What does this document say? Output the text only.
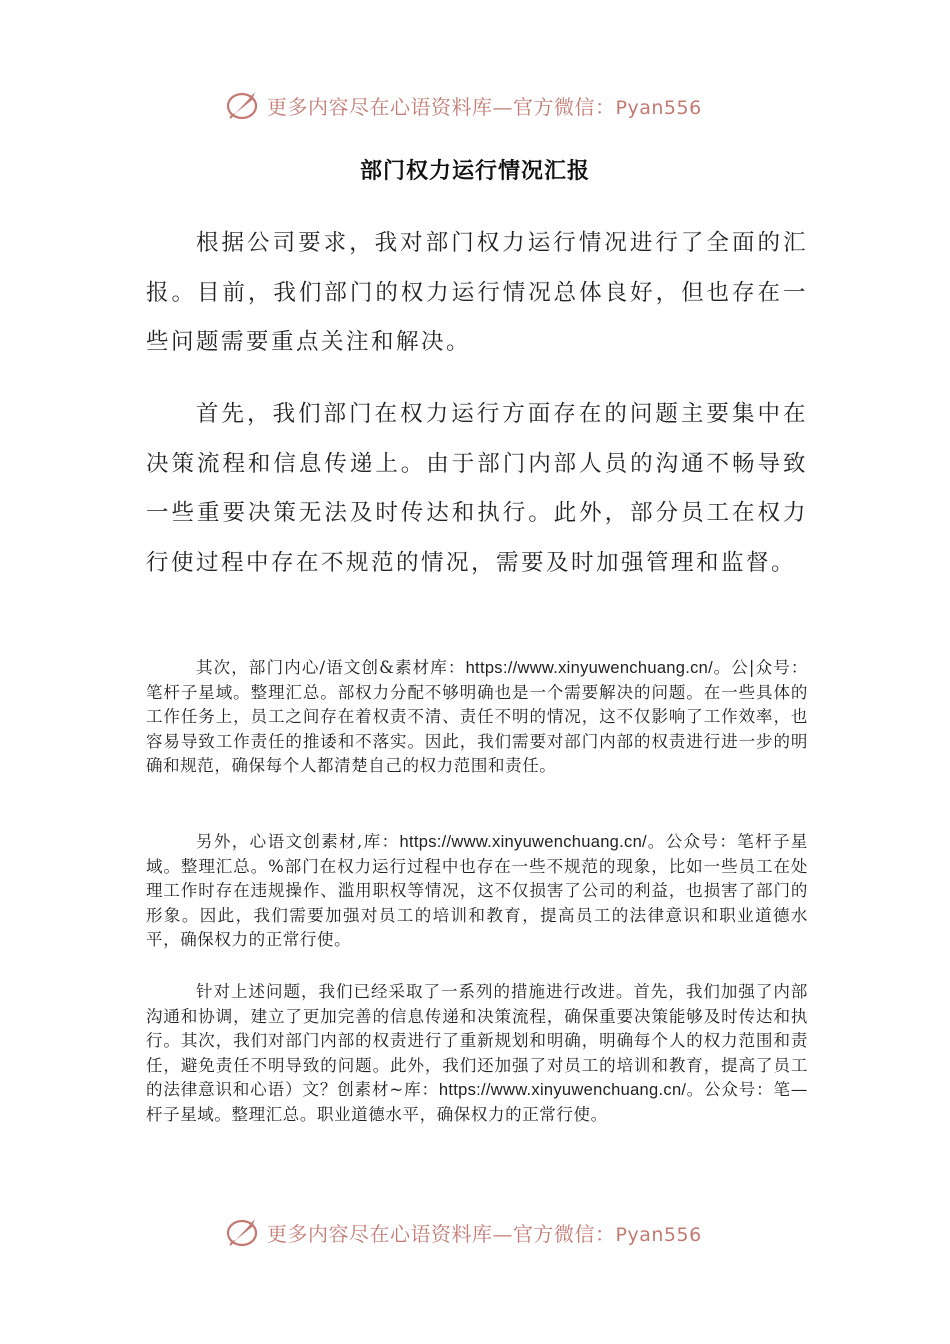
更多内容尽在心语资料库—官方微信：Pyan556
部门权力运行情况汇报

根据公司要求，我对部门权力运行情况进行了全面的汇报。目前，我们部门的权力运行情况总体良好，但也存在一些问题需要重点关注和解决。

首先，我们部门在权力运行方面存在的问题主要集中在决策流程和信息传递上。由于部门内部人员的沟通不畅导致一些重要决策无法及时传达和执行。此外，部分员工在权力行使过程中存在不规范的情况，需要及时加强管理和监督。

其次，部门内心/语文创&素材库：https://www.xinyuwenchuang.cn/。公|众号：笔杆子星域。整理汇总。部权力分配不够明确也是一个需要解决的问题。在一些具体的工作任务上，员工之间存在着权责不清、责任不明的情况，这不仅影响了工作效率，也容易导致工作责任的推诿和不落实。因此，我们需要对部门内部的权责进行进一步的明确和规范，确保每个人都清楚自己的权力范围和责任。

另外，心语文创素材,库：https://www.xinyuwenchuang.cn/。公众号：笔杆子星域。整理汇总。%部门在权力运行过程中也存在一些不规范的现象，比如一些员工在处理工作时存在违规操作、滥用职权等情况，这不仅损害了公司的利益，也损害了部门的形象。因此，我们需要加强对员工的培训和教育，提高员工的法律意识和职业道德水平，确保权力的正常行使。

针对上述问题，我们已经采取了一系列的措施进行改进。首先，我们加强了内部沟通和协调，建立了更加完善的信息传递和决策流程，确保重要决策能够及时传达和执行。其次，我们对部门内部的权责进行了重新规划和明确，明确每个人的权力范围和责任，避免责任不明导致的问题。此外，我们还加强了对员工的培训和教育，提高了员工的法律意识和心语）文？创素材~库：https://www.xinyuwenchuang.cn/。公众号：笔—杆子星域。整理汇总。职业道德水平，确保权力的正常行使。

更多内容尽在心语资料库—官方微信：Pyan556
